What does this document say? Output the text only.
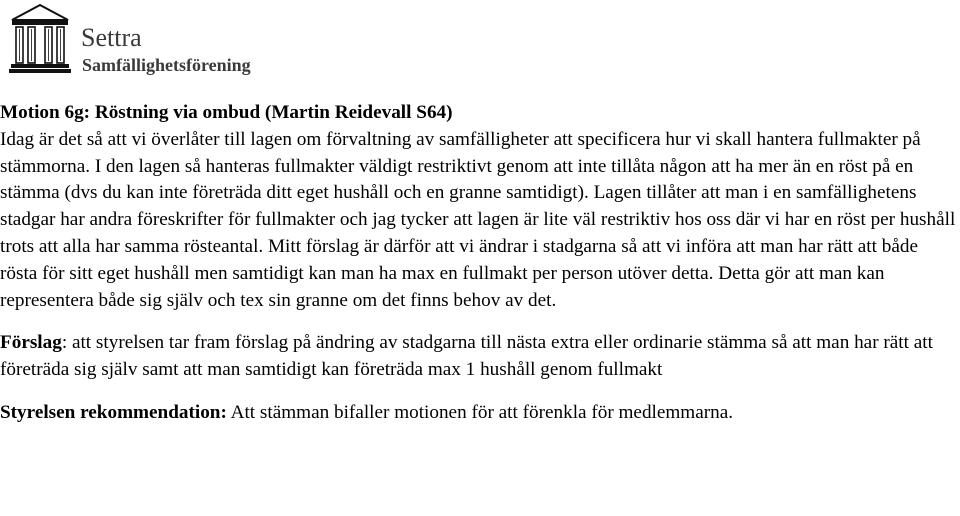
Settra
Samfällighetsförening

Motion 6g: Röstning via ombud (Martin Reidevall S64)

Idag är det så att vi överlåter till lagen om förvaltning av samfälligheter att specificera hur vi skall hantera fullmakter på stämmorna. I den lagen så hanteras fullmakter väldigt restriktivt genom att inte tillåta någon att ha mer än en röst på en stämma (dvs du kan inte företräda ditt eget hushåll och en granne samtidigt). Lagen tillåter att man i en samfällighetens stadgar har andra föreskrifter för fullmakter och jag tycker att lagen är lite väl restriktiv hos oss där vi har en röst per hushåll trots att alla har samma rösteantal. Mitt förslag är därför att vi ändrar i stadgarna så att vi införa att man har rätt att både rösta för sitt eget hushåll men samtidigt kan man ha max en fullmakt per person utöver detta. Detta gör att man kan representera både sig själv och tex sin granne om det finns behov av det.

Förslag: att styrelsen tar fram förslag på ändring av stadgarna till nästa extra eller ordinarie stämma så att man har rätt att företräda sig själv samt att man samtidigt kan företräda max 1 hushåll genom fullmakt

Styrelsen rekommendation: Att stämman bifaller motionen för att förenkla för medlemmarna.
